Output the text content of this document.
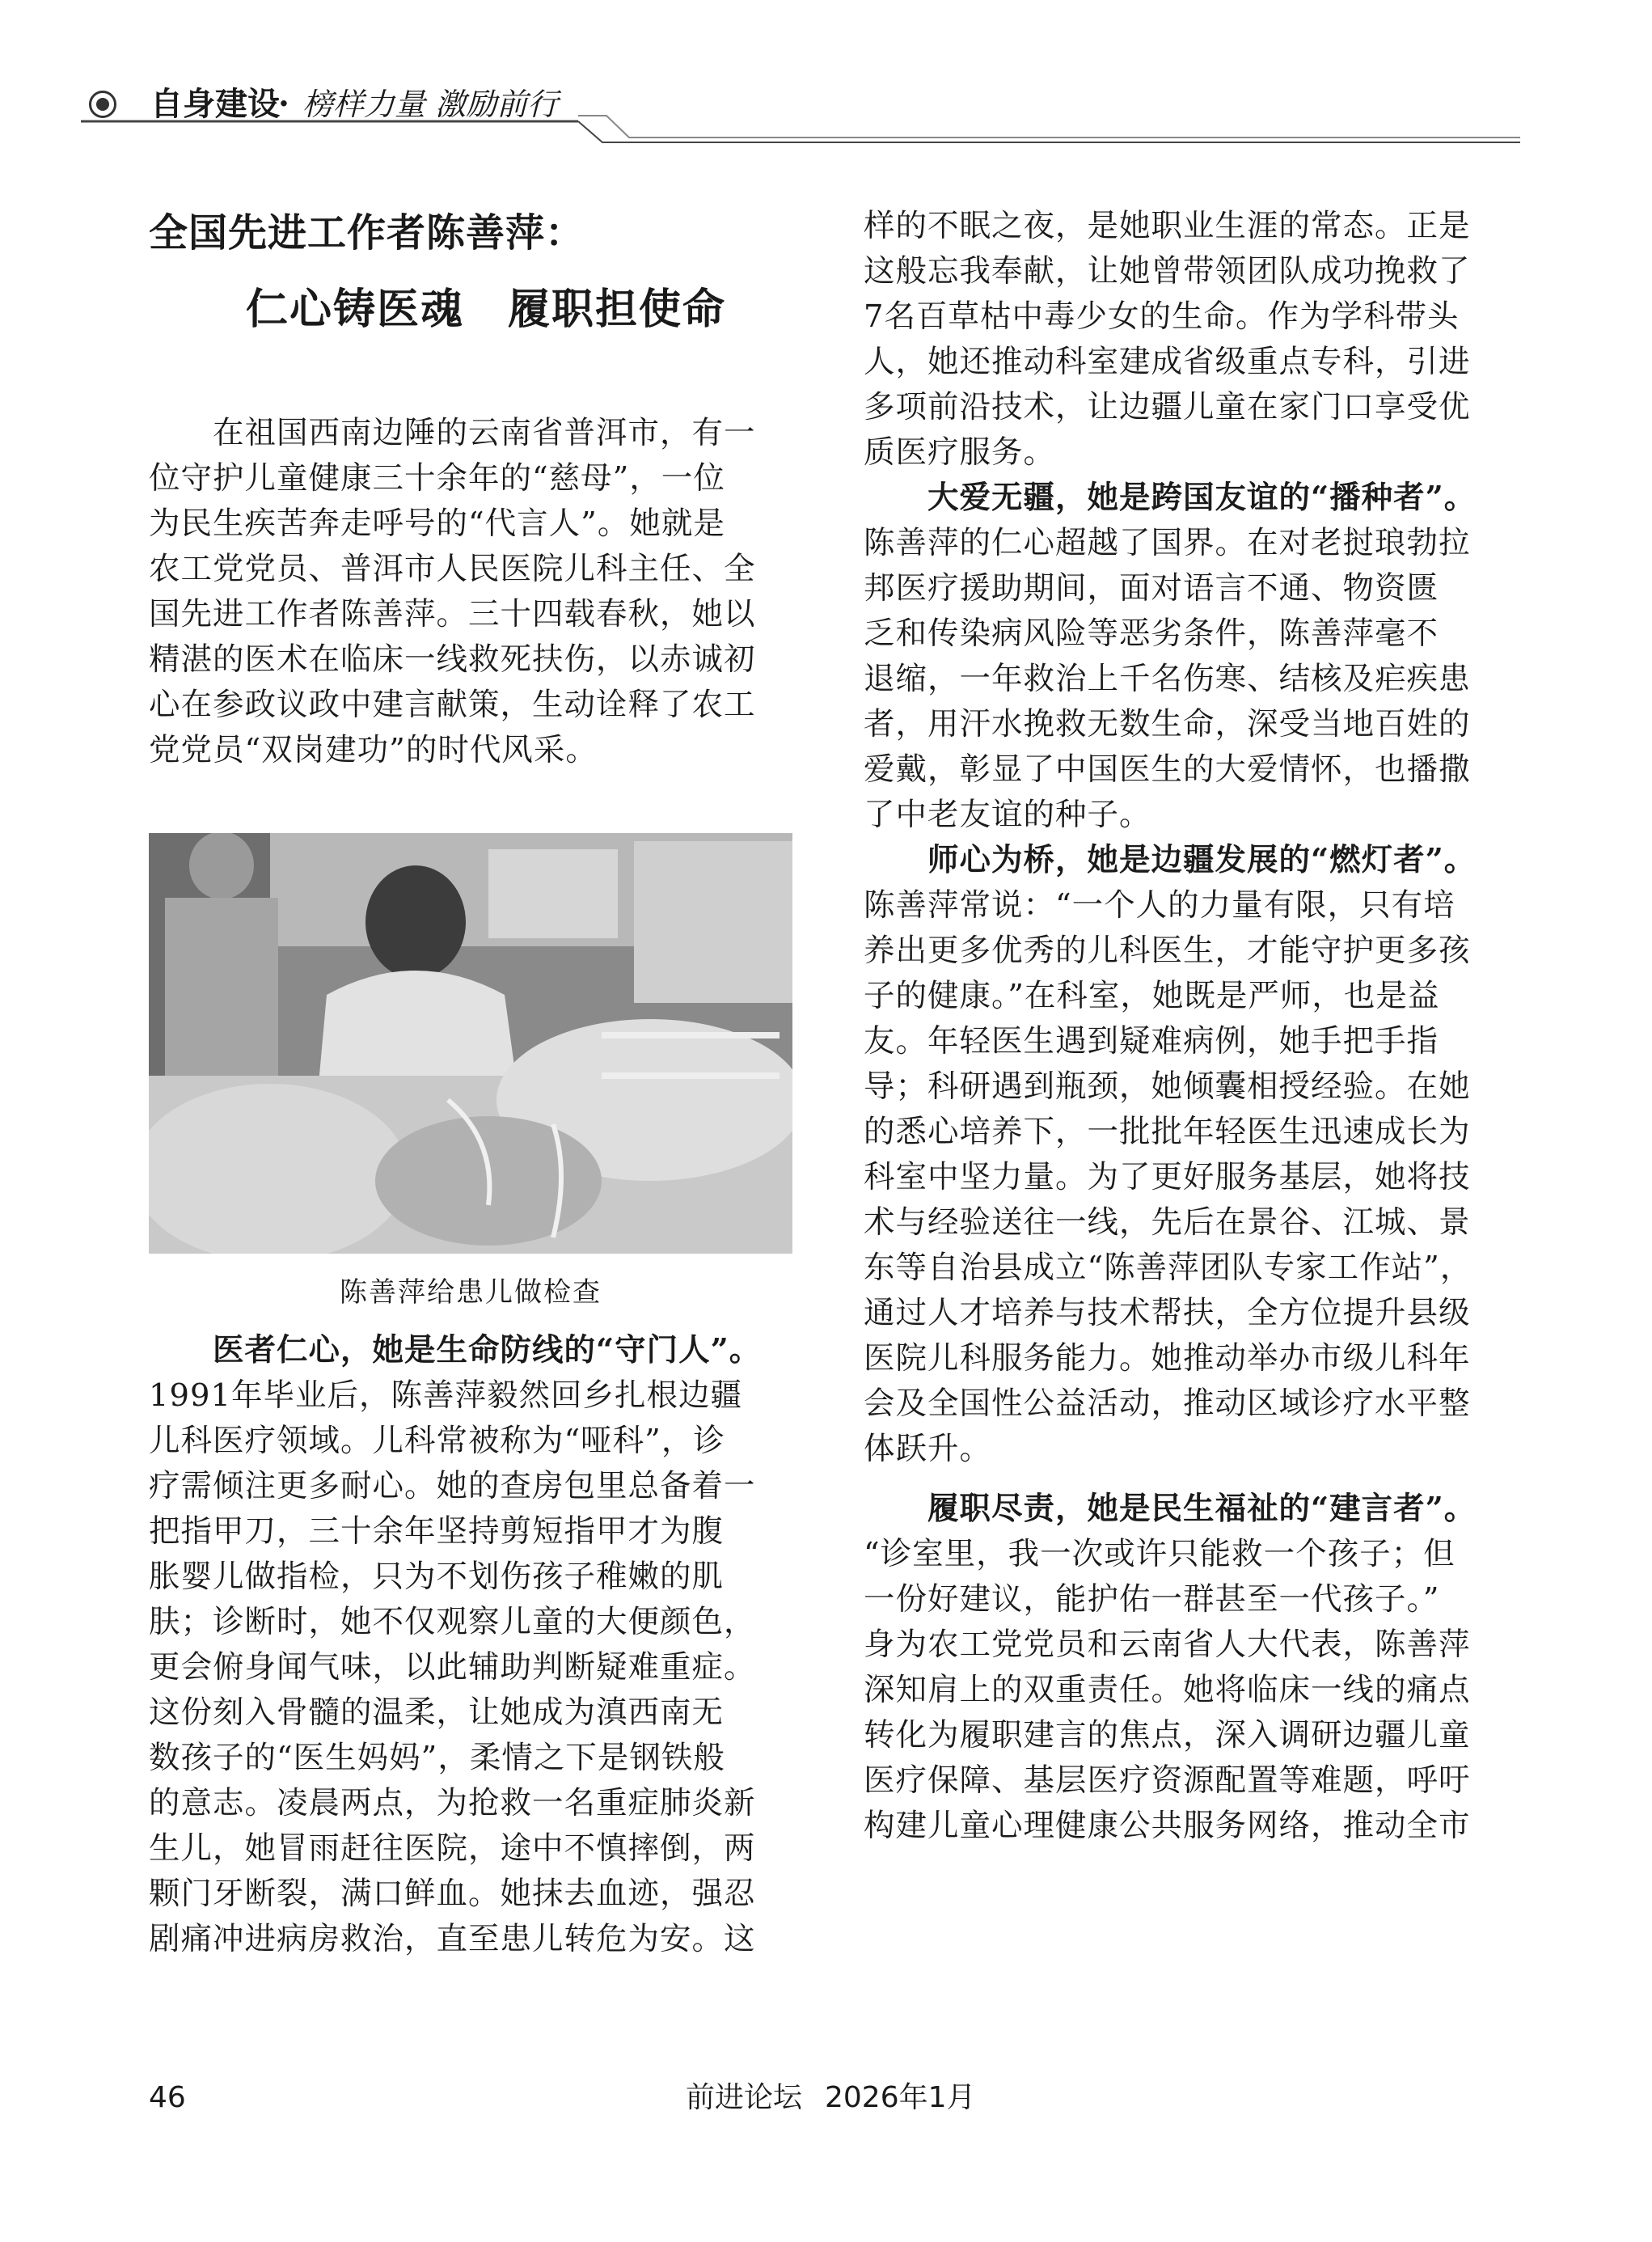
自身建设
· 榜样力量 激励前行
全国先进工作者陈善萍：
仁心铸医魂　履职担使命
　　在祖国西南边陲的云南省普洱市，有一
位守护儿童健康三十余年的“慈母”，一位
为民生疾苦奔走呼号的“代言人”。她就是
农工党党员、普洱市人民医院儿科主任、全
国先进工作者陈善萍。三十四载春秋，她以
精湛的医术在临床一线救死扶伤，以赤诚初
心在参政议政中建言献策，生动诠释了农工
党党员“双岗建功”的时代风采。
陈善萍给患儿做检查
　　医者仁心，她是生命防线的“守门人”。
1991年毕业后，陈善萍毅然回乡扎根边疆
儿科医疗领域。儿科常被称为“哑科”，诊
疗需倾注更多耐心。她的查房包里总备着一
把指甲刀，三十余年坚持剪短指甲才为腹
胀婴儿做指检，只为不划伤孩子稚嫩的肌
肤；诊断时，她不仅观察儿童的大便颜色，
更会俯身闻气味，以此辅助判断疑难重症。
这份刻入骨髓的温柔，让她成为滇西南无
数孩子的“医生妈妈”，柔情之下是钢铁般
的意志。凌晨两点，为抢救一名重症肺炎新
生儿，她冒雨赶往医院，途中不慎摔倒，两
颗门牙断裂，满口鲜血。她抹去血迹，强忍
剧痛冲进病房救治，直至患儿转危为安。这
样的不眠之夜，是她职业生涯的常态。正是
这般忘我奉献，让她曾带领团队成功挽救了
7名百草枯中毒少女的生命。作为学科带头
人，她还推动科室建成省级重点专科，引进
多项前沿技术，让边疆儿童在家门口享受优
质医疗服务。
　　大爱无疆，她是跨国友谊的“播种者”。
陈善萍的仁心超越了国界。在对老挝琅勃拉
邦医疗援助期间，面对语言不通、物资匮
乏和传染病风险等恶劣条件，陈善萍毫不
退缩，一年救治上千名伤寒、结核及疟疾患
者，用汗水挽救无数生命，深受当地百姓的
爱戴，彰显了中国医生的大爱情怀，也播撒
了中老友谊的种子。
　　师心为桥，她是边疆发展的“燃灯者”。
陈善萍常说：“一个人的力量有限，只有培
养出更多优秀的儿科医生，才能守护更多孩
子的健康。”在科室，她既是严师，也是益
友。年轻医生遇到疑难病例，她手把手指
导；科研遇到瓶颈，她倾囊相授经验。在她
的悉心培养下，一批批年轻医生迅速成长为
科室中坚力量。为了更好服务基层，她将技
术与经验送往一线，先后在景谷、江城、景
东等自治县成立“陈善萍团队专家工作站”，
通过人才培养与技术帮扶，全方位提升县级
医院儿科服务能力。她推动举办市级儿科年
会及全国性公益活动，推动区域诊疗水平整
体跃升。
　　履职尽责，她是民生福祉的“建言者”。
“诊室里，我一次或许只能救一个孩子；但
一份好建议，能护佑一群甚至一代孩子。”
身为农工党党员和云南省人大代表，陈善萍
深知肩上的双重责任。她将临床一线的痛点
转化为履职建言的焦点，深入调研边疆儿童
医疗保障、基层医疗资源配置等难题，呼吁
构建儿童心理健康公共服务网络，推动全市
46	前进论坛 2026年1月
